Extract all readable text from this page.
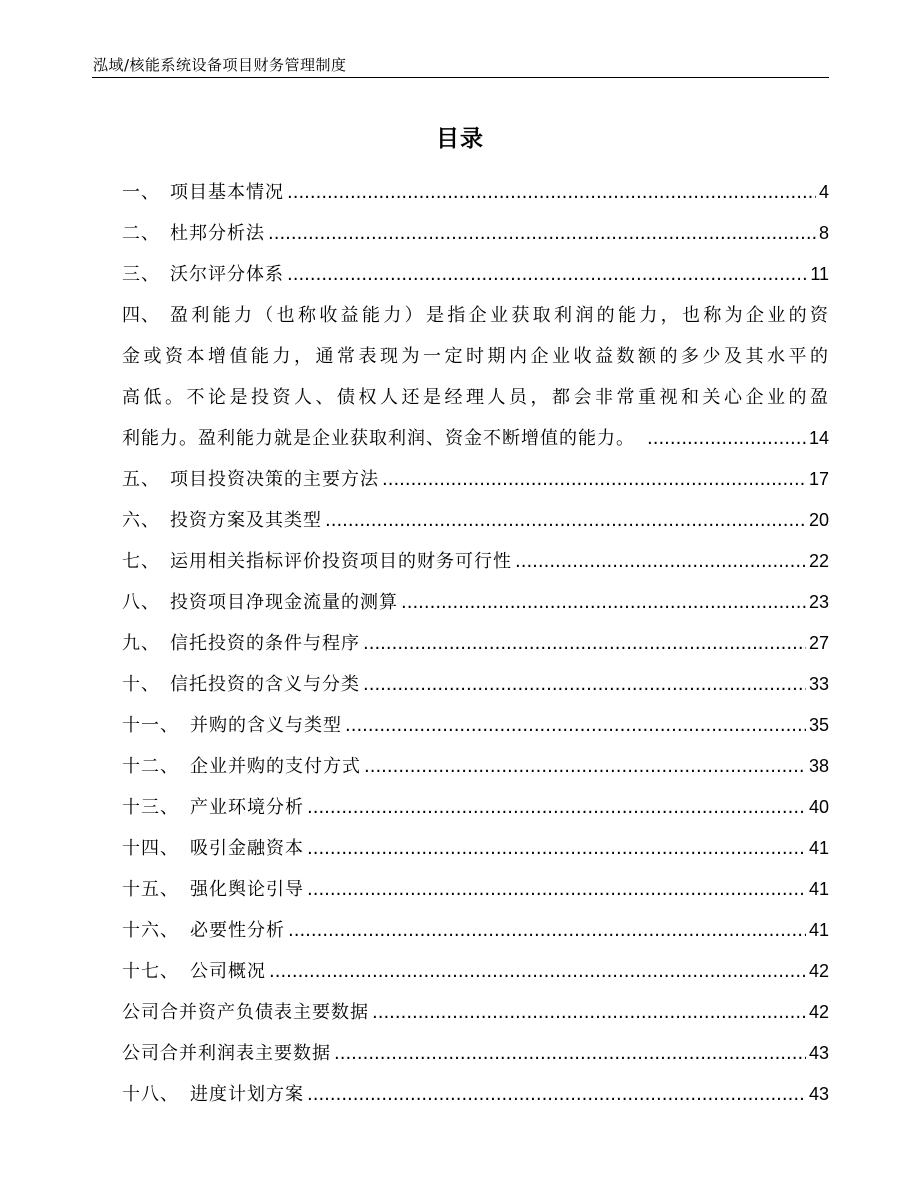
泓域/核能系统设备项目财务管理制度
目录
一、 项目基本情况 .....	4
二、 杜邦分析法 .....	8
三、 沃尔评分体系 .....	11
四、 盈利能力（也称收益能力）是指企业获取利润的能力，也称为企业的资
金或资本增值能力，通常表现为一定时期内企业收益数额的多少及其水平的
高低。不论是投资人、债权人还是经理人员，都会非常重视和关心企业的盈
利能力。盈利能力就是企业获取利润、资金不断增值的能力。 .....	14
五、 项目投资决策的主要方法 .....	17
六、 投资方案及其类型 .....	20
七、 运用相关指标评价投资项目的财务可行性 .....	22
八、 投资项目净现金流量的测算 .....	23
九、 信托投资的条件与程序 .....	27
十、 信托投资的含义与分类 .....	33
十一、 并购的含义与类型 .....	35
十二、 企业并购的支付方式 .....	38
十三、 产业环境分析 .....	40
十四、 吸引金融资本 .....	41
十五、 强化舆论引导 .....	41
十六、 必要性分析 .....	41
十七、 公司概况 .....	42
公司合并资产负债表主要数据 .....	42
公司合并利润表主要数据 .....	43
十八、 进度计划方案 .....	43
